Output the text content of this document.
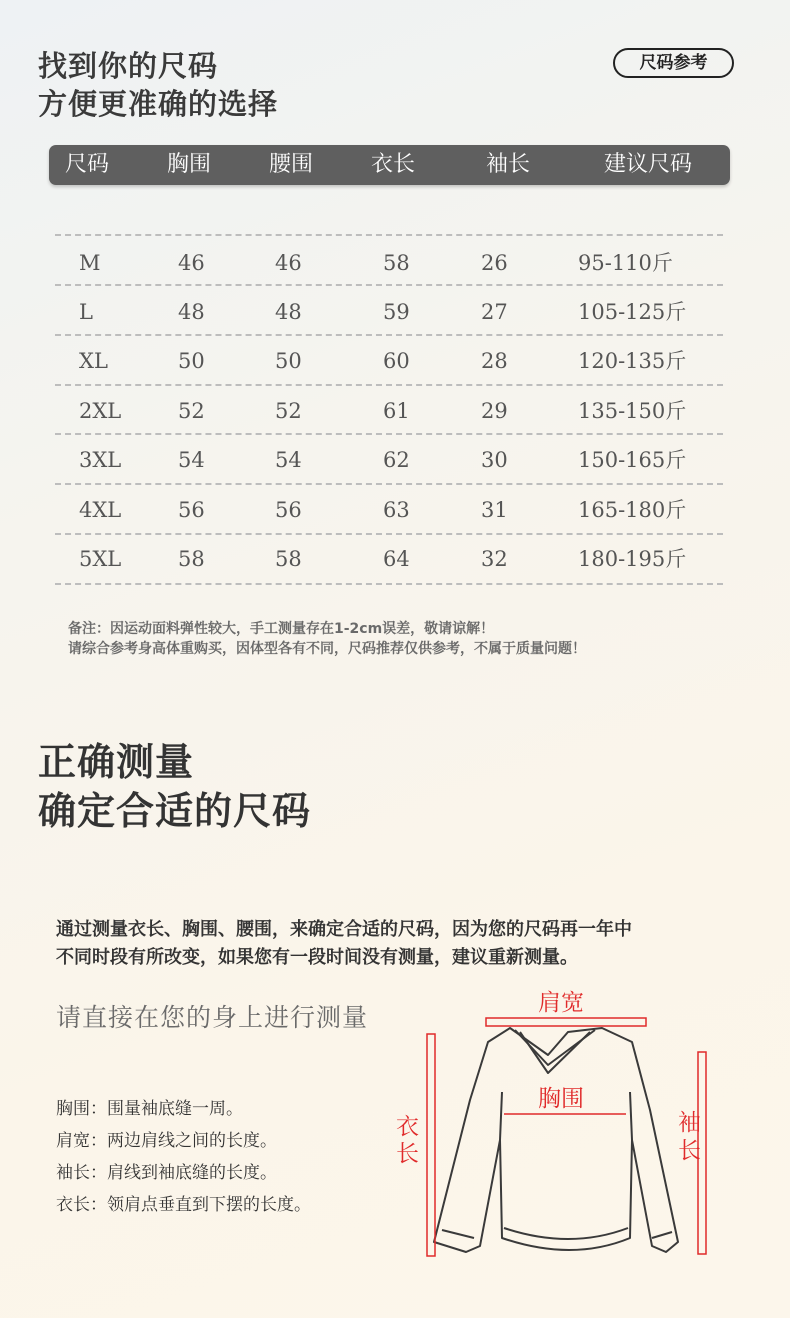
找到你的尺码
方便更准确的选择
尺码参考
尺码	胸围	腰围	衣长	袖长	建议尺码
M	46	46	58	26	95-110斤
L	48	48	59	27	105-125斤
XL	50	50	60	28	120-135斤
2XL	52	52	61	29	135-150斤
3XL	54	54	62	30	150-165斤
4XL	56	56	63	31	165-180斤
5XL	58	58	64	32	180-195斤
备注：因运动面料弹性较大，手工测量存在1-2cm误差，敬请谅解！
请综合参考身高体重购买，因体型各有不同，尺码推荐仅供参考，不属于质量问题！
正确测量
确定合适的尺码
通过测量衣长、胸围、腰围，来确定合适的尺码，因为您的尺码再一年中
不同时段有所改变，如果您有一段时间没有测量，建议重新测量。
请直接在您的身上进行测量
胸围：围量袖底缝一周。
肩宽：两边肩线之间的长度。
袖长：肩线到袖底缝的长度。
衣长：领肩点垂直到下摆的长度。
肩宽
胸围
衣
长
袖
长
